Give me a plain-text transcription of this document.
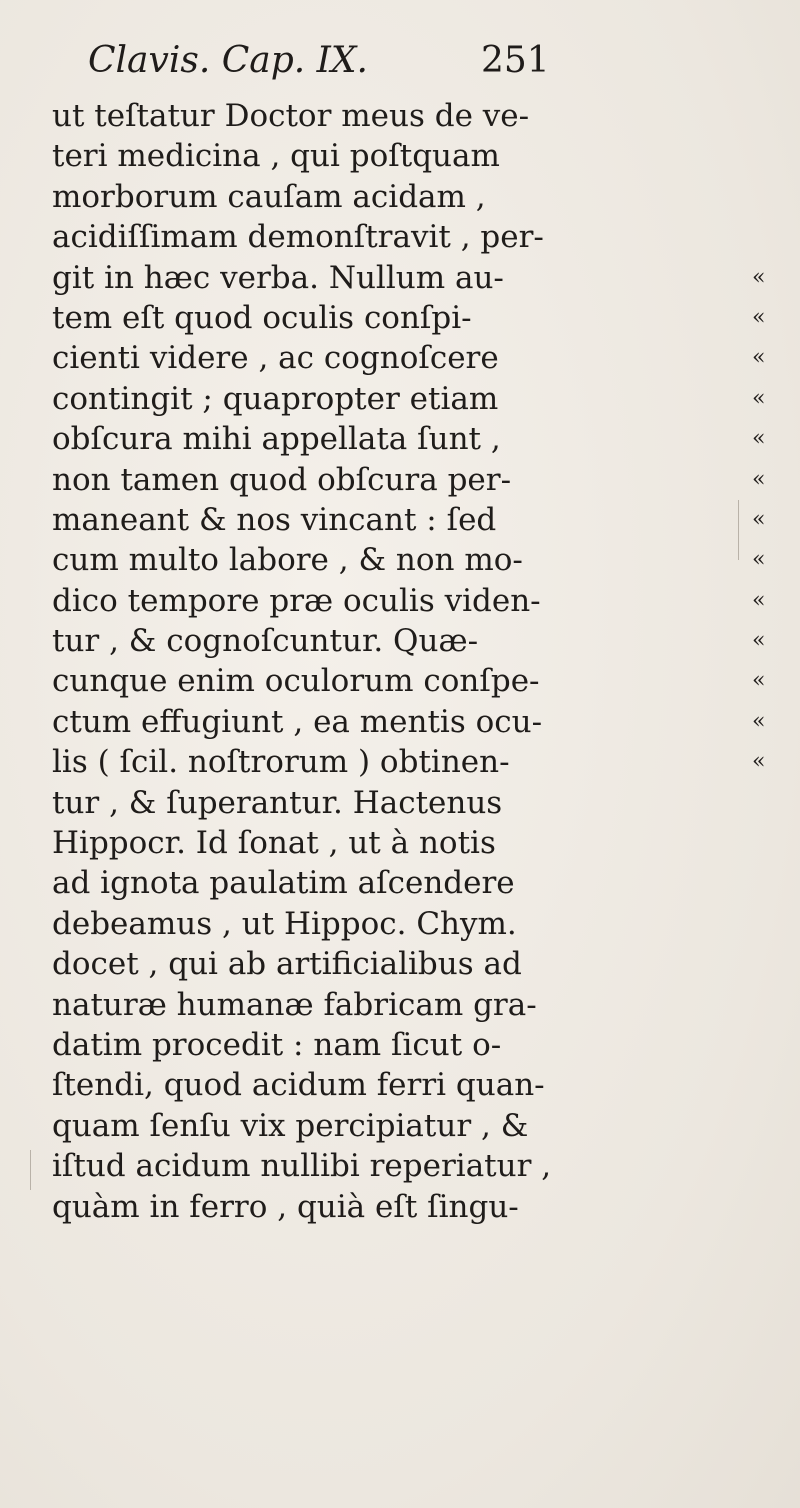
Clavis. Cap. IX.	251
ut teſtatur Doctor meus de ve-
teri medicina , qui poſtquam
morborum cauſam acidam ,
acidiſſimam demonſtravit , per-
git in hæc verba. Nullum au-	«
tem eſt quod oculis conſpi-	«
cienti videre , ac cognoſcere	«
contingit ; quapropter etiam	«
obſcura mihi appellata ſunt ,	«
non tamen quod obſcura per-	«
maneant & nos vincant : ſed	«
cum multo labore , & non mo-	«
dico tempore præ oculis viden-	«
tur , & cognoſcuntur. Quæ-	«
cunque enim oculorum conſpe-	«
ctum effugiunt , ea mentis ocu-	«
lis ( ſcil. noſtrorum ) obtinen-	«
tur , & ſuperantur. Hactenus
Hippocr. Id ſonat , ut à notis
ad ignota paulatim aſcendere
debeamus , ut Hippoc. Chym.
docet , qui ab artificialibus ad
naturæ humanæ fabricam gra-
datim procedit : nam ſicut o-
ſtendi, quod acidum ferri quan-
quam ſenſu vix percipiatur , &
iſtud acidum nullibi reperiatur ,
quàm in ferro , quià eſt ſingu-
